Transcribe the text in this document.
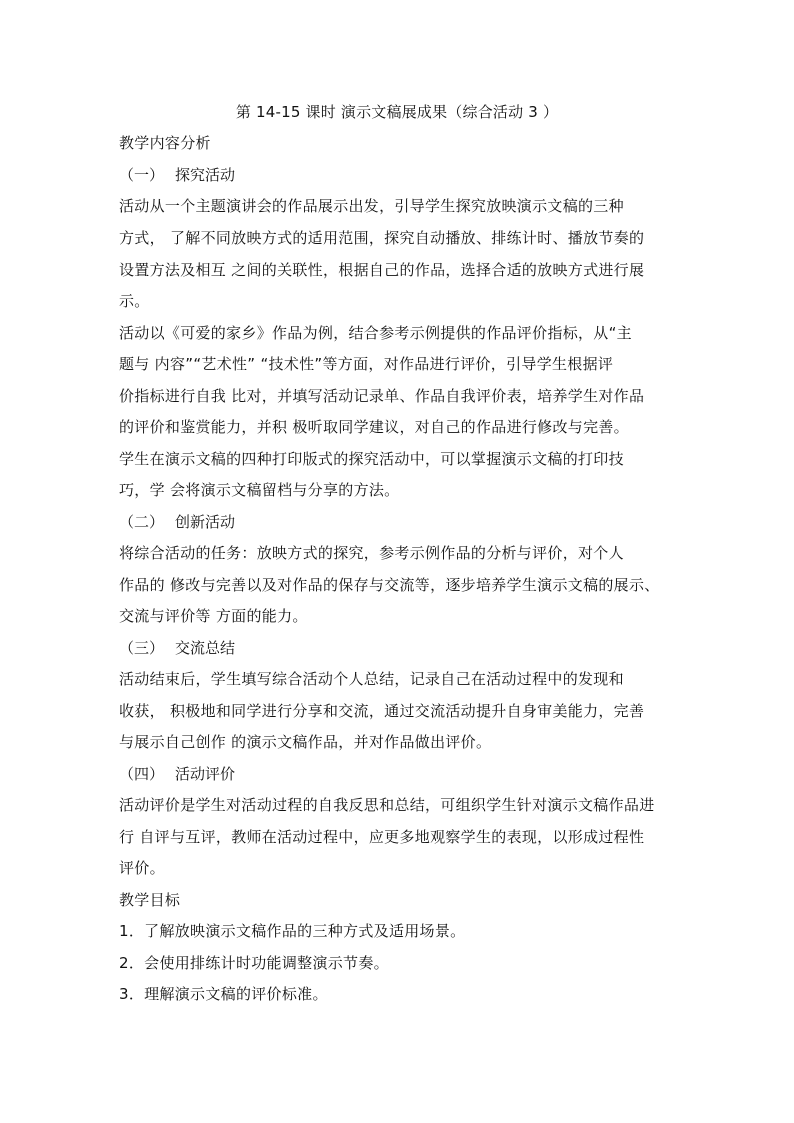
第 14-15 课时 演示文稿展成果（综合活动 3 ）
教学内容分析
（一） 探究活动
活动从一个主题演讲会的作品展示出发，引导学生探究放映演示文稿的三种
方式， 了解不同放映方式的适用范围，探究自动播放、排练计时、播放节奏的
设置方法及相互 之间的关联性，根据自己的作品，选择合适的放映方式进行展
示。
活动以《可爱的家乡》作品为例，结合参考示例提供的作品评价指标，从“主
题与 内容”“艺术性” “技术性”等方面，对作品进行评价，引导学生根据评
价指标进行自我 比对，并填写活动记录单、作品自我评价表，培养学生对作品
的评价和鉴赏能力，并积 极听取同学建议，对自己的作品进行修改与完善。
学生在演示文稿的四种打印版式的探究活动中，可以掌握演示文稿的打印技
巧，学 会将演示文稿留档与分享的方法。
（二） 创新活动
将综合活动的任务：放映方式的探究，参考示例作品的分析与评价，对个人
作品的 修改与完善以及对作品的保存与交流等，逐步培养学生演示文稿的展示、
交流与评价等 方面的能力。
（三） 交流总结
活动结束后，学生填写综合活动个人总结，记录自己在活动过程中的发现和
收获， 积极地和同学进行分享和交流，通过交流活动提升自身审美能力，完善
与展示自己创作 的演示文稿作品，并对作品做出评价。
（四） 活动评价
活动评价是学生对活动过程的自我反思和总结，可组织学生针对演示文稿作品进
行 自评与互评，教师在活动过程中，应更多地观察学生的表现，以形成过程性
评价。
教学目标
1．了解放映演示文稿作品的三种方式及适用场景。
2．会使用排练计时功能调整演示节奏。
3．理解演示文稿的评价标准。
